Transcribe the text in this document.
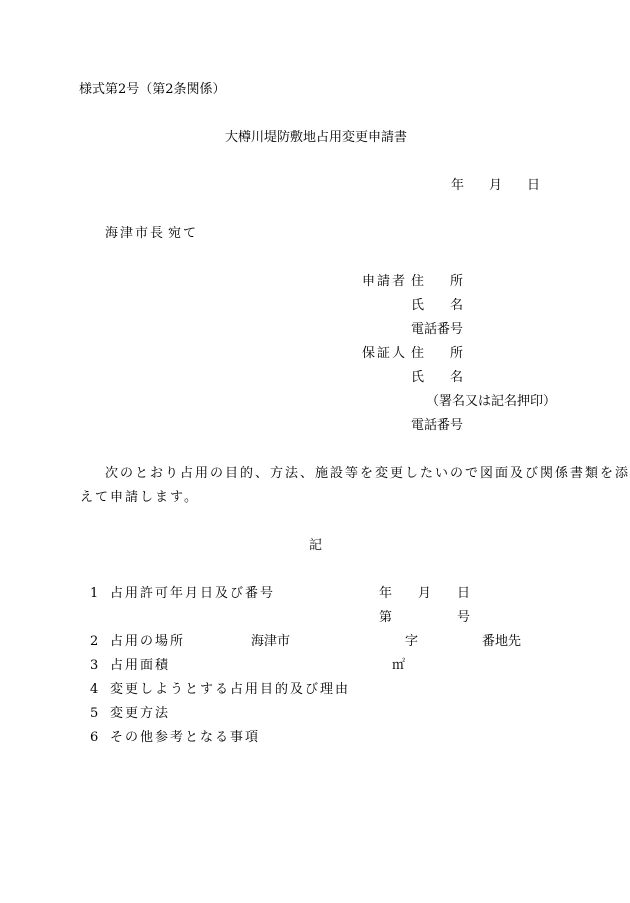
様式第2号（第2条関係）
大樽川堤防敷地占用変更申請書
年 月 日
海津市長 宛て
申請者 住　　所
氏　　名
電話番号
保証人 住　　所
氏　　名
（署名又は記名押印）
電話番号
次のとおり占用の目的、方法、施設等を変更したいので図面及び関係書類を添
えて申請します。
記
1 占用許可年月日及び番号	年 月 日
第	号
2 占用の場所	海津市	字	番地先
3 占用面積	㎡
4 変更しようとする占用目的及び理由
5 変更方法
6 その他参考となる事項
